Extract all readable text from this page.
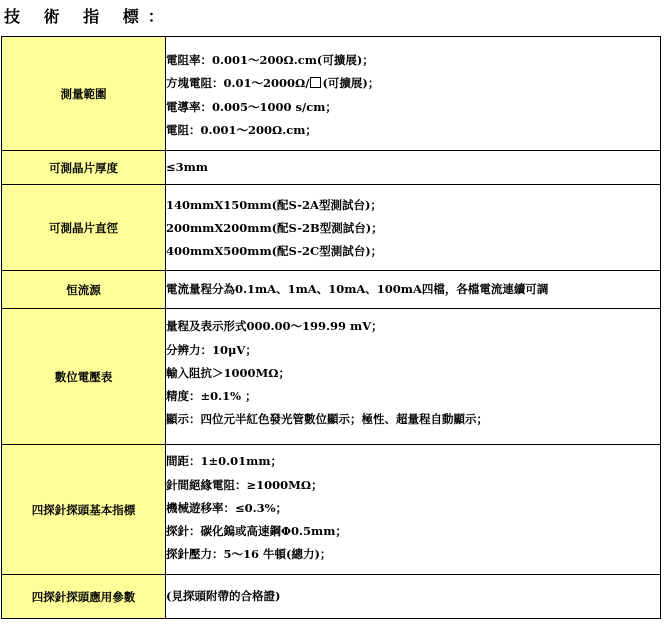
技 術 指 標：
測量範圍	電阻率：0.001～200Ω.cm(可擴展)；
方塊電阻：0.01～2000Ω/ (可擴展)；
電導率：0.005～1000 s/cm；
電阻：0.001～200Ω.cm；

可測晶片厚度	≤3mm

可測晶片直徑	140mmX150mm(配S-2A型測試台)；
200mmX200mm(配S-2B型測試台)；
400mmX500mm(配S-2C型測試台)；

恒流源	電流量程分為0.1mA、1mA、10mA、100mA四檔，各檔電流連續可調

數位電壓表	量程及表示形式000.00～199.99 mV；
分辨力：10μV；
輸入阻抗＞1000MΩ；
精度：±0.1% ；
顯示：四位元半紅色發光管數位顯示；極性、超量程自動顯示；

四探針探頭基本指標	間距：1±0.01mm；
針間絕緣電阻：≥1000MΩ；
機械遊移率：≤0.3%；
探針：碳化鎢或高速鋼Φ0.5mm；
探針壓力：5～16 牛頓(總力)；

四探針探頭應用參數	(見探頭附帶的合格證)
